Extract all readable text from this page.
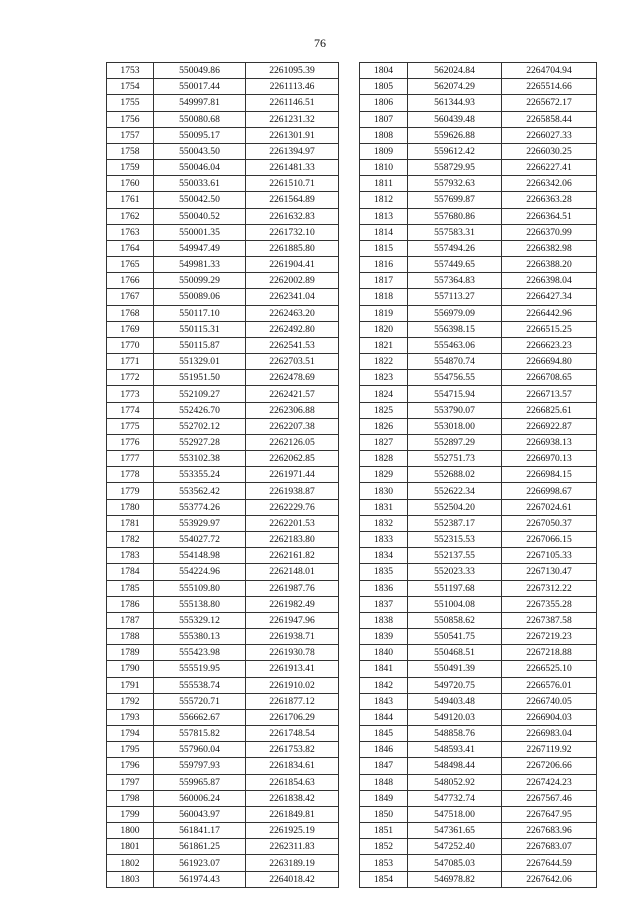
76
1753	550049.86	2261095.39
1754	550017.44	2261113.46
1755	549997.81	2261146.51
1756	550080.68	2261231.32
1757	550095.17	2261301.91
1758	550043.50	2261394.97
1759	550046.04	2261481.33
1760	550033.61	2261510.71
1761	550042.50	2261564.89
1762	550040.52	2261632.83
1763	550001.35	2261732.10
1764	549947.49	2261885.80
1765	549981.33	2261904.41
1766	550099.29	2262002.89
1767	550089.06	2262341.04
1768	550117.10	2262463.20
1769	550115.31	2262492.80
1770	550115.87	2262541.53
1771	551329.01	2262703.51
1772	551951.50	2262478.69
1773	552109.27	2262421.57
1774	552426.70	2262306.88
1775	552702.12	2262207.38
1776	552927.28	2262126.05
1777	553102.38	2262062.85
1778	553355.24	2261971.44
1779	553562.42	2261938.87
1780	553774.26	2262229.76
1781	553929.97	2262201.53
1782	554027.72	2262183.80
1783	554148.98	2262161.82
1784	554224.96	2262148.01
1785	555109.80	2261987.76
1786	555138.80	2261982.49
1787	555329.12	2261947.96
1788	555380.13	2261938.71
1789	555423.98	2261930.78
1790	555519.95	2261913.41
1791	555538.74	2261910.02
1792	555720.71	2261877.12
1793	556662.67	2261706.29
1794	557815.82	2261748.54
1795	557960.04	2261753.82
1796	559797.93	2261834.61
1797	559965.87	2261854.63
1798	560006.24	2261838.42
1799	560043.97	2261849.81
1800	561841.17	2261925.19
1801	561861.25	2262311.83
1802	561923.07	2263189.19
1803	561974.43	2264018.42
1804	562024.84	2264704.94
1805	562074.29	2265514.66
1806	561344.93	2265672.17
1807	560439.48	2265858.44
1808	559626.88	2266027.33
1809	559612.42	2266030.25
1810	558729.95	2266227.41
1811	557932.63	2266342.06
1812	557699.87	2266363.28
1813	557680.86	2266364.51
1814	557583.31	2266370.99
1815	557494.26	2266382.98
1816	557449.65	2266388.20
1817	557364.83	2266398.04
1818	557113.27	2266427.34
1819	556979.09	2266442.96
1820	556398.15	2266515.25
1821	555463.06	2266623.23
1822	554870.74	2266694.80
1823	554756.55	2266708.65
1824	554715.94	2266713.57
1825	553790.07	2266825.61
1826	553018.00	2266922.87
1827	552897.29	2266938.13
1828	552751.73	2266970.13
1829	552688.02	2266984.15
1830	552622.34	2266998.67
1831	552504.20	2267024.61
1832	552387.17	2267050.37
1833	552315.53	2267066.15
1834	552137.55	2267105.33
1835	552023.33	2267130.47
1836	551197.68	2267312.22
1837	551004.08	2267355.28
1838	550858.62	2267387.58
1839	550541.75	2267219.23
1840	550468.51	2267218.88
1841	550491.39	2266525.10
1842	549720.75	2266576.01
1843	549403.48	2266740.05
1844	549120.03	2266904.03
1845	548858.76	2266983.04
1846	548593.41	2267119.92
1847	548498.44	2267206.66
1848	548052.92	2267424.23
1849	547732.74	2267567.46
1850	547518.00	2267647.95
1851	547361.65	2267683.96
1852	547252.40	2267683.07
1853	547085.03	2267644.59
1854	546978.82	2267642.06
